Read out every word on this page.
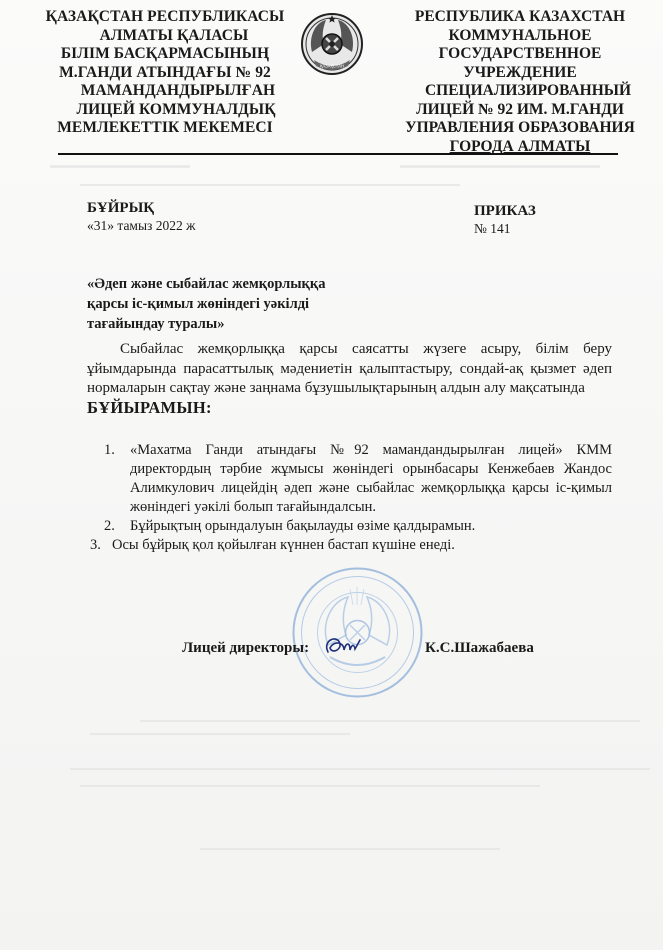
ҚАЗАҚСТАН РЕСПУБЛИКАСЫ
АЛМАТЫ ҚАЛАСЫ
БІЛІМ БАСҚАРМАСЫНЫҢ
М.ГАНДИ АТЫНДАҒЫ № 92
МАМАНДАНДЫРЫЛҒАН
ЛИЦЕЙ КОММУНАЛДЫҚ
МЕМЛЕКЕТТІК МЕКЕМЕСІ
ҚАЗАҚСТАН
РЕСПУБЛИКА КАЗАХСТАН
КОММУНАЛЬНОЕ
ГОСУДАРСТВЕННОЕ
УЧРЕЖДЕНИЕ
СПЕЦИАЛИЗИРОВАННЫЙ
ЛИЦЕЙ № 92 ИМ. М.ГАНДИ
УПРАВЛЕНИЯ ОБРАЗОВАНИЯ
ГОРОДА АЛМАТЫ
БҰЙРЫҚ
«31» тамыз 2022 ж
ПРИКАЗ
№ 141
«Әдеп және сыбайлас жемқорлыққа
қарсы іс-қимыл жөніндегі уәкілді
тағайындау туралы»
Сыбайлас жемқорлыққа қарсы саясатты жүзеге асыру, білім беру ұйымдарында парасаттылық мәдениетін қалыптастыру, сондай-ақ қызмет әдеп нормаларын сақтау және заңнама бұзушылықтарының алдын алу мақсатында
БҰЙЫРАМЫН:
1. «Махатма Ганди атындағы №92 мамандандырылған лицей» КММ директордың тәрбие жұмысы жөніндегі орынбасары Кенжебаев Жандос Алимкулович лицейдің әдеп және сыбайлас жемқорлыққа қарсы іс-қимыл жөніндегі уәкілі болып тағайындалсын.
2. Бұйрықтың орындалуын бақылауды өзіме қалдырамын.
3. Осы бұйрық қол қойылған күннен бастап күшіне енеді.
Лицей директоры:	К.С.Шажабаева
